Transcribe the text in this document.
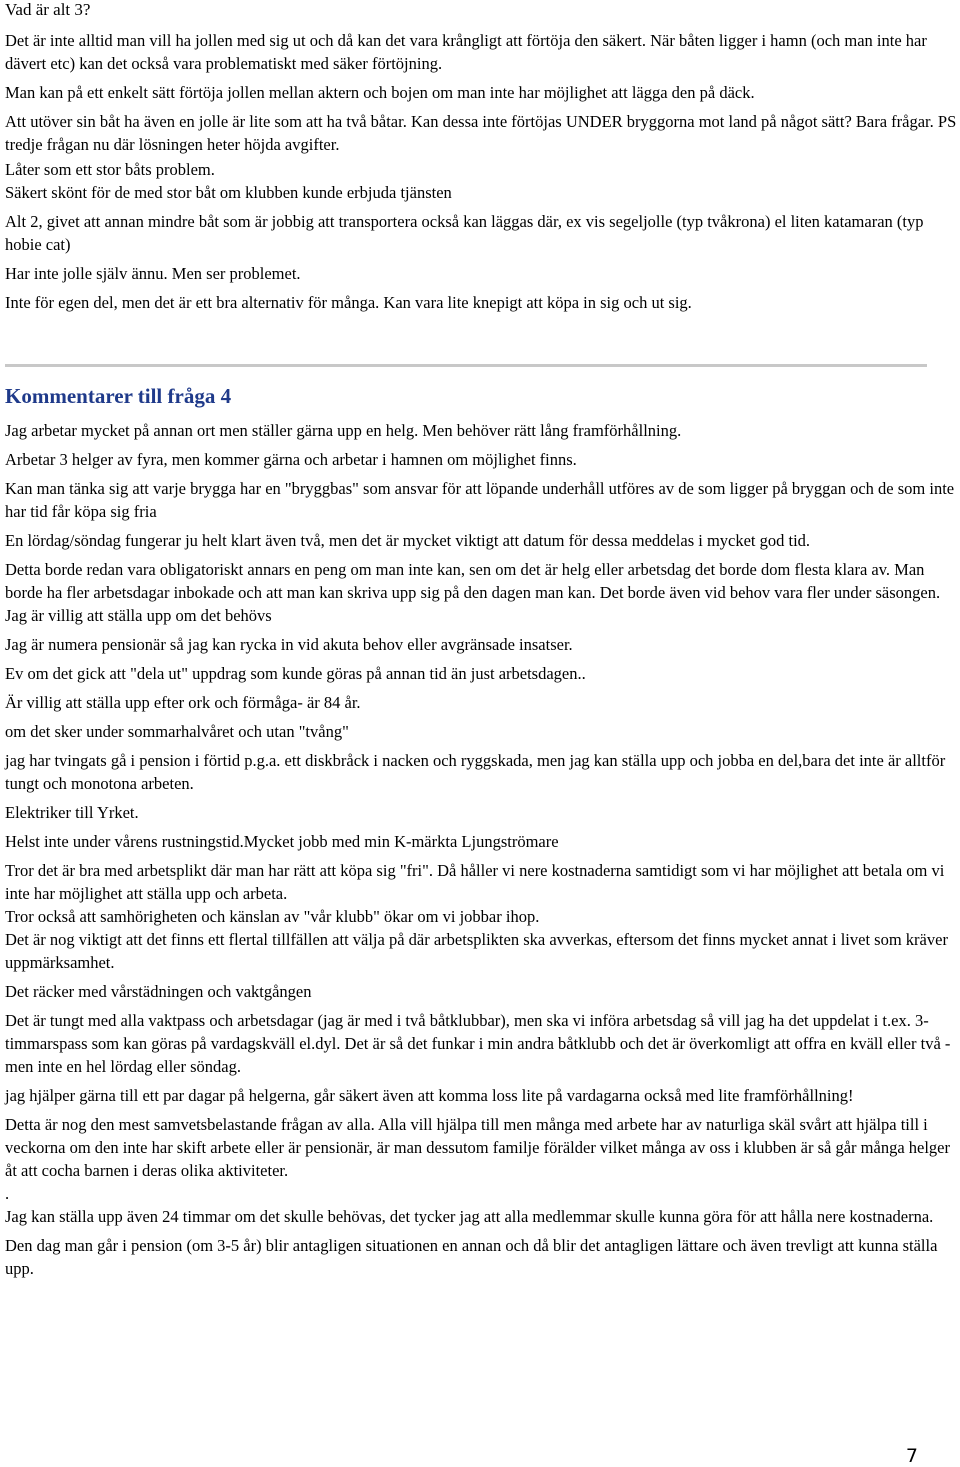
Vad är alt 3?
Det är inte alltid man vill ha jollen med sig ut och då kan det vara krångligt att förtöja den säkert. När båten ligger i hamn (och man inte har dävert etc) kan det också vara problematiskt med säker förtöjning.
Man kan på ett enkelt sätt förtöja jollen mellan aktern och bojen om man inte har möjlighet att lägga den på däck.
Att utöver sin båt ha även en jolle är lite som att ha två båtar. Kan dessa inte förtöjas UNDER bryggorna mot land på något sätt? Bara frågar. PS tredje frågan nu där lösningen heter höjda avgifter.
Låter som ett stor båts problem.
Säkert skönt för de med stor båt om klubben kunde erbjuda tjänsten
Alt 2, givet att annan mindre båt som är jobbig att transportera också kan läggas där, ex vis segeljolle (typ tvåkrona) el liten katamaran (typ hobie cat)
Har inte jolle själv ännu. Men ser problemet.
Inte för egen del, men det är ett bra alternativ för många. Kan vara lite knepigt att köpa in sig och ut sig.
Kommentarer till fråga 4
Jag arbetar mycket på annan ort men ställer gärna upp en helg. Men behöver rätt lång framförhållning.
Arbetar 3 helger av fyra, men kommer gärna och arbetar i hamnen om möjlighet finns.
Kan man tänka sig att varje brygga har en "bryggbas" som ansvar för att löpande underhåll utföres av de som ligger på bryggan och de som inte har tid får köpa sig fria
En lördag/söndag fungerar ju helt klart även två, men det är mycket viktigt att datum för dessa meddelas i mycket god tid.
Detta borde redan vara obligatoriskt annars en peng om man inte kan, sen om det är helg eller arbetsdag det borde dom flesta klara av. Man borde ha fler arbetsdagar inbokade och att man kan skriva upp sig på den dagen man kan. Det borde även vid behov vara fler under säsongen. Jag är villig att ställa upp om det behövs
Jag är numera pensionär så jag kan rycka in vid akuta behov eller avgränsade insatser.
Ev om det gick att "dela ut" uppdrag som kunde göras på annan tid än just arbetsdagen..
Är villig att ställa upp efter ork och förmåga- är 84 år.
om det sker under sommarhalvåret och utan "tvång"
jag har tvingats gå i pension i förtid p.g.a. ett diskbråck i nacken och ryggskada, men jag kan ställa upp och jobba en del,bara det inte är alltför tungt och monotona arbeten.
Elektriker till Yrket.
Helst inte under vårens rustningstid.Mycket jobb med min K-märkta Ljungströmare
Tror det är bra med arbetsplikt där man har rätt att köpa sig "fri". Då håller vi nere kostnaderna samtidigt som vi har möjlighet att betala om vi inte har möjlighet att ställa upp och arbeta.
Tror också att samhörigheten och känslan av "vår klubb" ökar om vi jobbar ihop.
Det är nog viktigt att det finns ett flertal tillfällen att välja på där arbetsplikten ska avverkas, eftersom det finns mycket annat i livet som kräver uppmärksamhet.
Det räcker med vårstädningen och vaktgången
Det är tungt med alla vaktpass och arbetsdagar (jag är med i två båtklubbar), men ska vi införa arbetsdag så vill jag ha det uppdelat i t.ex. 3-timmarspass som kan göras på vardagskväll el.dyl. Det är så det funkar i min andra båtklubb och det är överkomligt att offra en kväll eller två - men inte en hel lördag eller söndag.
jag hjälper gärna till ett par dagar på helgerna, går säkert även att komma loss lite på vardagarna också med lite framförhållning!
Detta är nog den mest samvetsbelastande frågan av alla. Alla vill hjälpa till men många med arbete har av naturliga skäl svårt att hjälpa till i veckorna om den inte har skift arbete eller är pensionär, är man dessutom familje förälder vilket många av oss i klubben är så går många helger åt att cocha barnen i deras olika aktiviteter.
.
Jag kan ställa upp även 24 timmar om det skulle behövas, det tycker jag att alla medlemmar skulle kunna göra för att hålla nere kostnaderna.
Den dag man går i pension (om 3-5 år) blir antagligen situationen en annan och då blir det antagligen lättare och även trevligt att kunna ställa upp.
7
